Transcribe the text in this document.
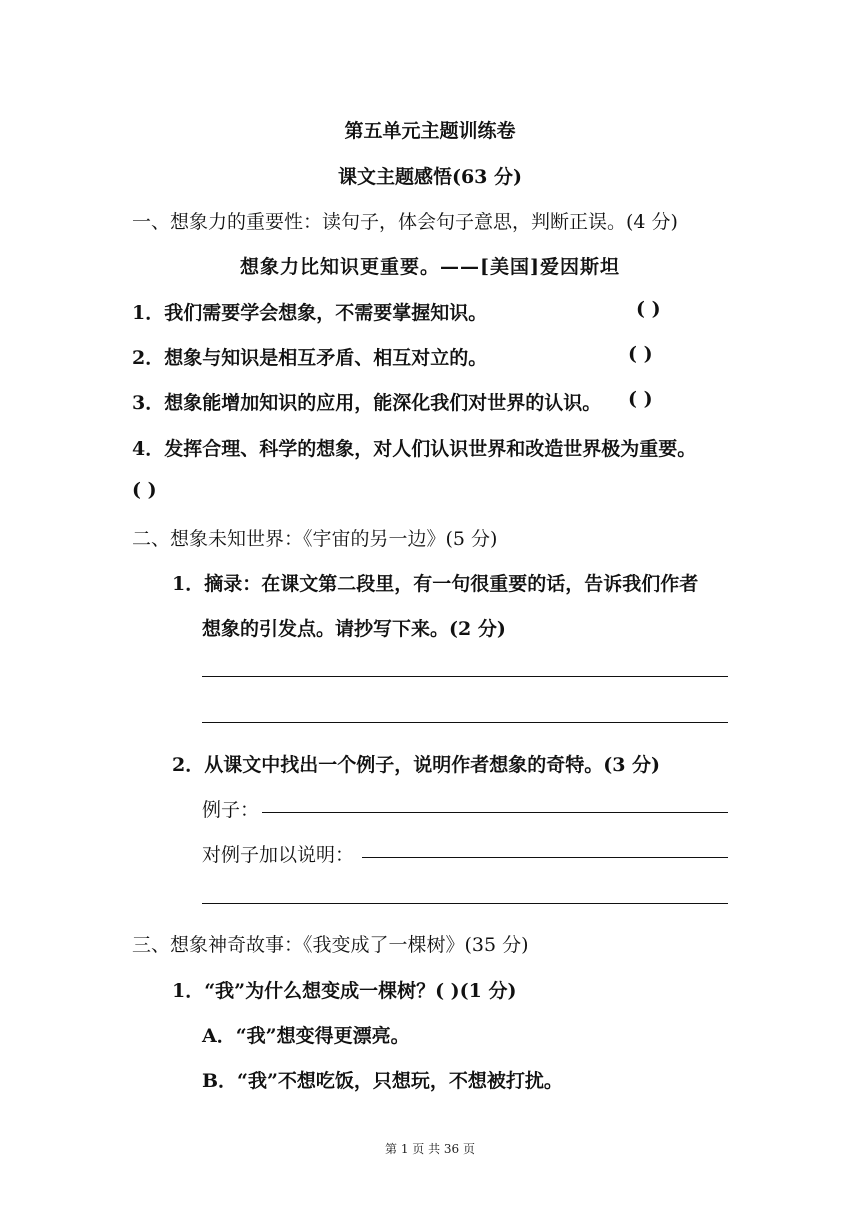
第五单元主题训练卷
课文主题感悟(63 分)
一、想象力的重要性：读句子，体会句子意思，判断正误。(4 分)
想象力比知识更重要。——[美国]爱因斯坦
1．我们需要学会想象，不需要掌握知识。	( )
2．想象与知识是相互矛盾、相互对立的。	( )
3．想象能增加知识的应用，能深化我们对世界的认识。 ( )
4．发挥合理、科学的想象，对人们认识世界和改造世界极为重要。
( )
二、想象未知世界：《宇宙的另一边》(5 分)
1．摘录：在课文第二段里，有一句很重要的话，告诉我们作者
想象的引发点。请抄写下来。(2 分)
2．从课文中找出一个例子，说明作者想象的奇特。(3 分)
例子：
对例子加以说明：
三、想象神奇故事：《我变成了一棵树》(35 分)
1．“我”为什么想变成一棵树？( )(1 分)
A．“我”想变得更漂亮。
B．“我”不想吃饭，只想玩，不想被打扰。
第 1 页 共 36 页
